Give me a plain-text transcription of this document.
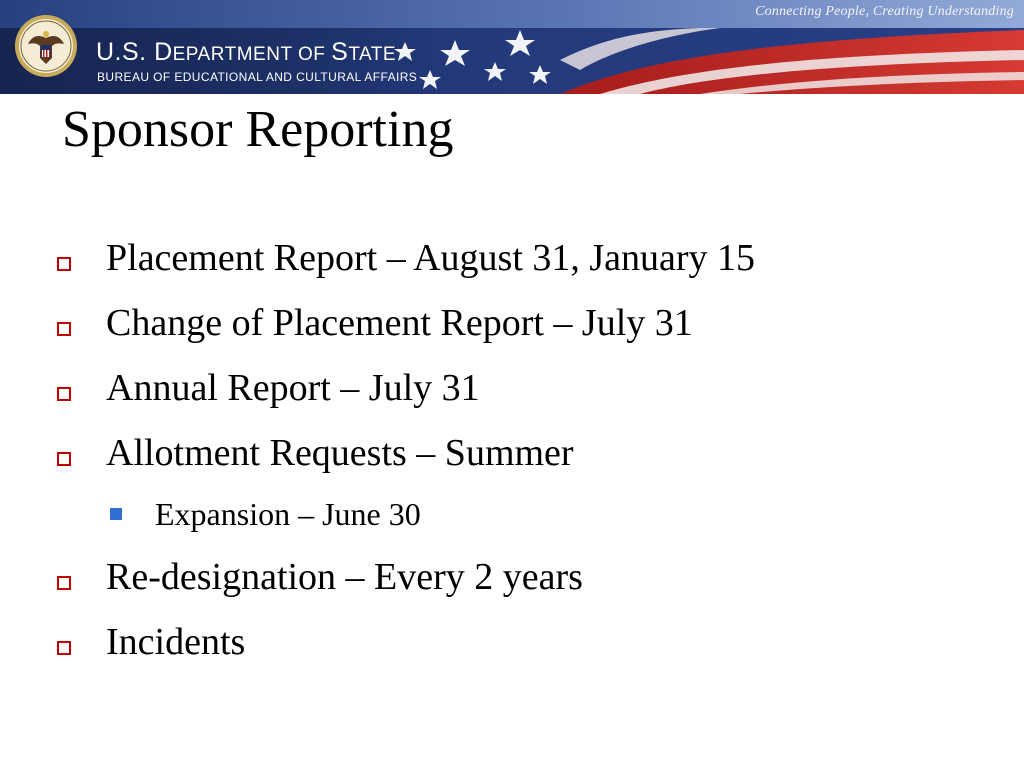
Connecting People, Creating Understanding
U.S. DEPARTMENT OF STATE
BUREAU OF EDUCATIONAL AND CULTURAL AFFAIRS
Sponsor Reporting
Placement Report – August 31, January 15
Change of Placement Report – July 31
Annual Report – July 31
Allotment Requests – Summer
Expansion – June 30
Re-designation – Every 2 years
Incidents
